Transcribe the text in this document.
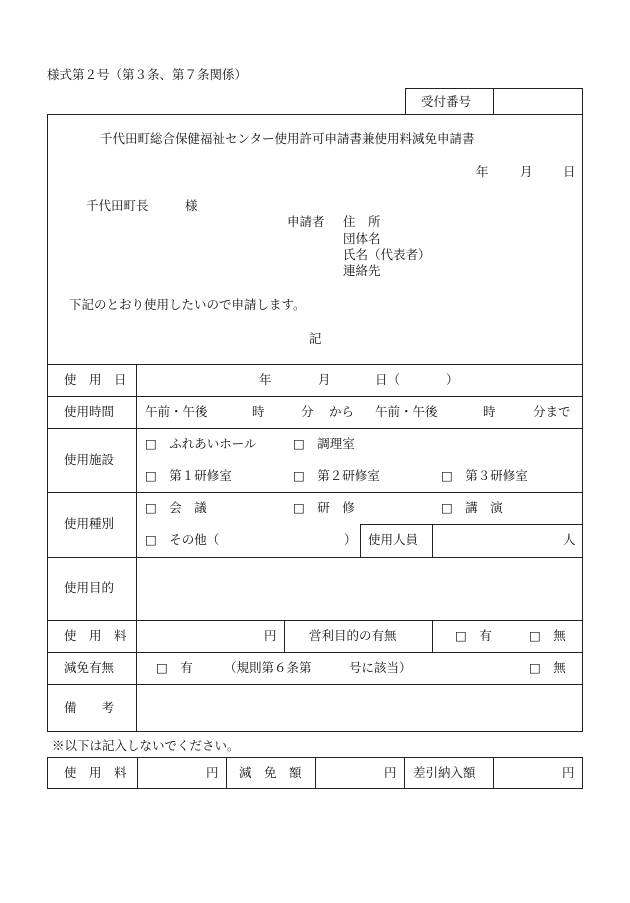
様式第２号（第３条、第７条関係）
受付番号
千代田町総合保健福祉センター使用許可申請書兼使用料減免申請書
年	月 日
千代田町長	様
申請者 住　所
団体名
氏名（代表者）
連絡先
下記のとおり使用したいので申請します。
記
使　用　日	年	月	日（	）
使用時間 午前・午後	時	分 から 午前・午後	時	分まで
使用施設
□　ふれあいホール	□　調理室
□　第１研修室	□　第２研修室	□　第３研修室
使用種別
□　会　議	□　研　修	□　講　演
□　その他（	） 使用人員	人
使用目的
使　用　料	円	営利目的の有無	□　有	□　無
減免有無	□　有 （規則第６条第　　　号に該当）	□　無
備　　考
※以下は記入しないでください。
使　用　料	円 減　免　額	円 差引納入額	円
